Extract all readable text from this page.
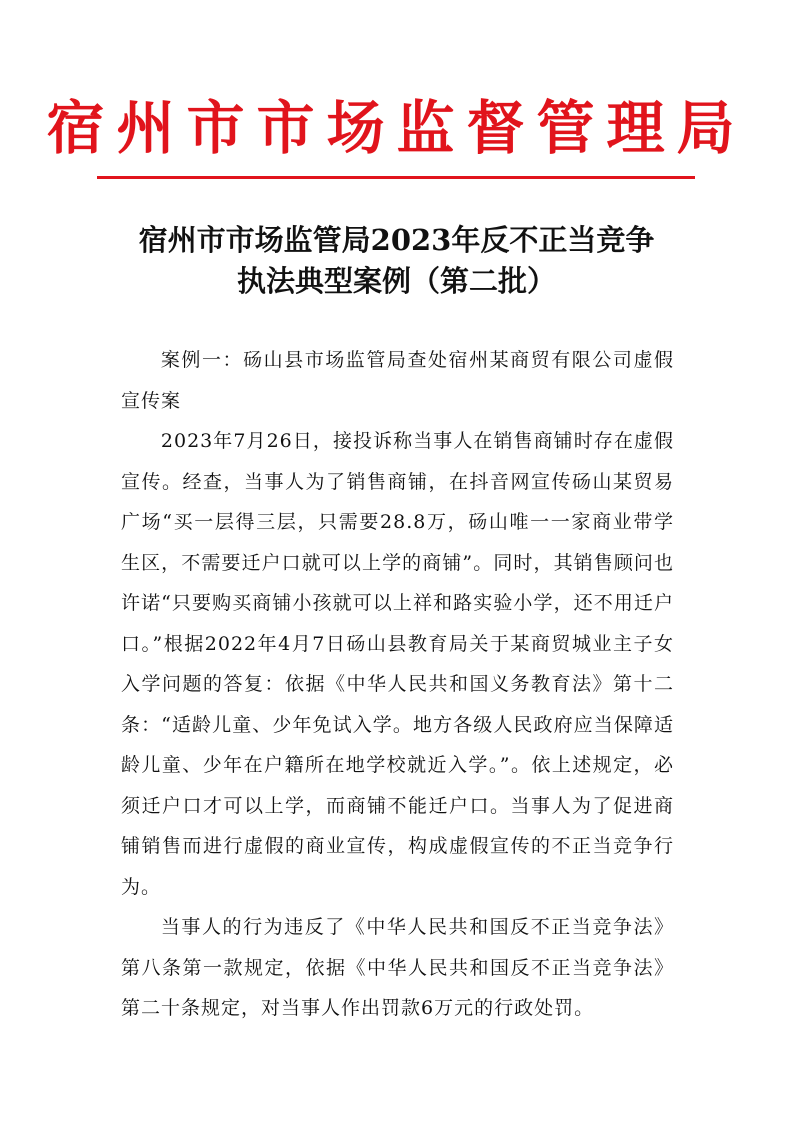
宿州市市场监督管理局
宿州市市场监管局2023年反不正当竞争
执法典型案例（第二批）

案例一：砀山县市场监管局查处宿州某商贸有限公司虚假宣传案

2023年7月26日，接投诉称当事人在销售商铺时存在虚假宣传。经查，当事人为了销售商铺，在抖音网宣传砀山某贸易广场“买一层得三层，只需要28.8万，砀山唯一一家商业带学生区，不需要迁户口就可以上学的商铺”。同时，其销售顾问也许诺“只要购买商铺小孩就可以上祥和路实验小学，还不用迁户口。”根据2022年4月7日砀山县教育局关于某商贸城业主子女入学问题的答复：依据《中华人民共和国义务教育法》第十二条：“适龄儿童、少年免试入学。地方各级人民政府应当保障适龄儿童、少年在户籍所在地学校就近入学。”。依上述规定，必须迁户口才可以上学，而商铺不能迁户口。当事人为了促进商铺销售而进行虚假的商业宣传，构成虚假宣传的不正当竞争行为。

当事人的行为违反了《中华人民共和国反不正当竞争法》第八条第一款规定，依据《中华人民共和国反不正当竞争法》第二十条规定，对当事人作出罚款6万元的行政处罚。
